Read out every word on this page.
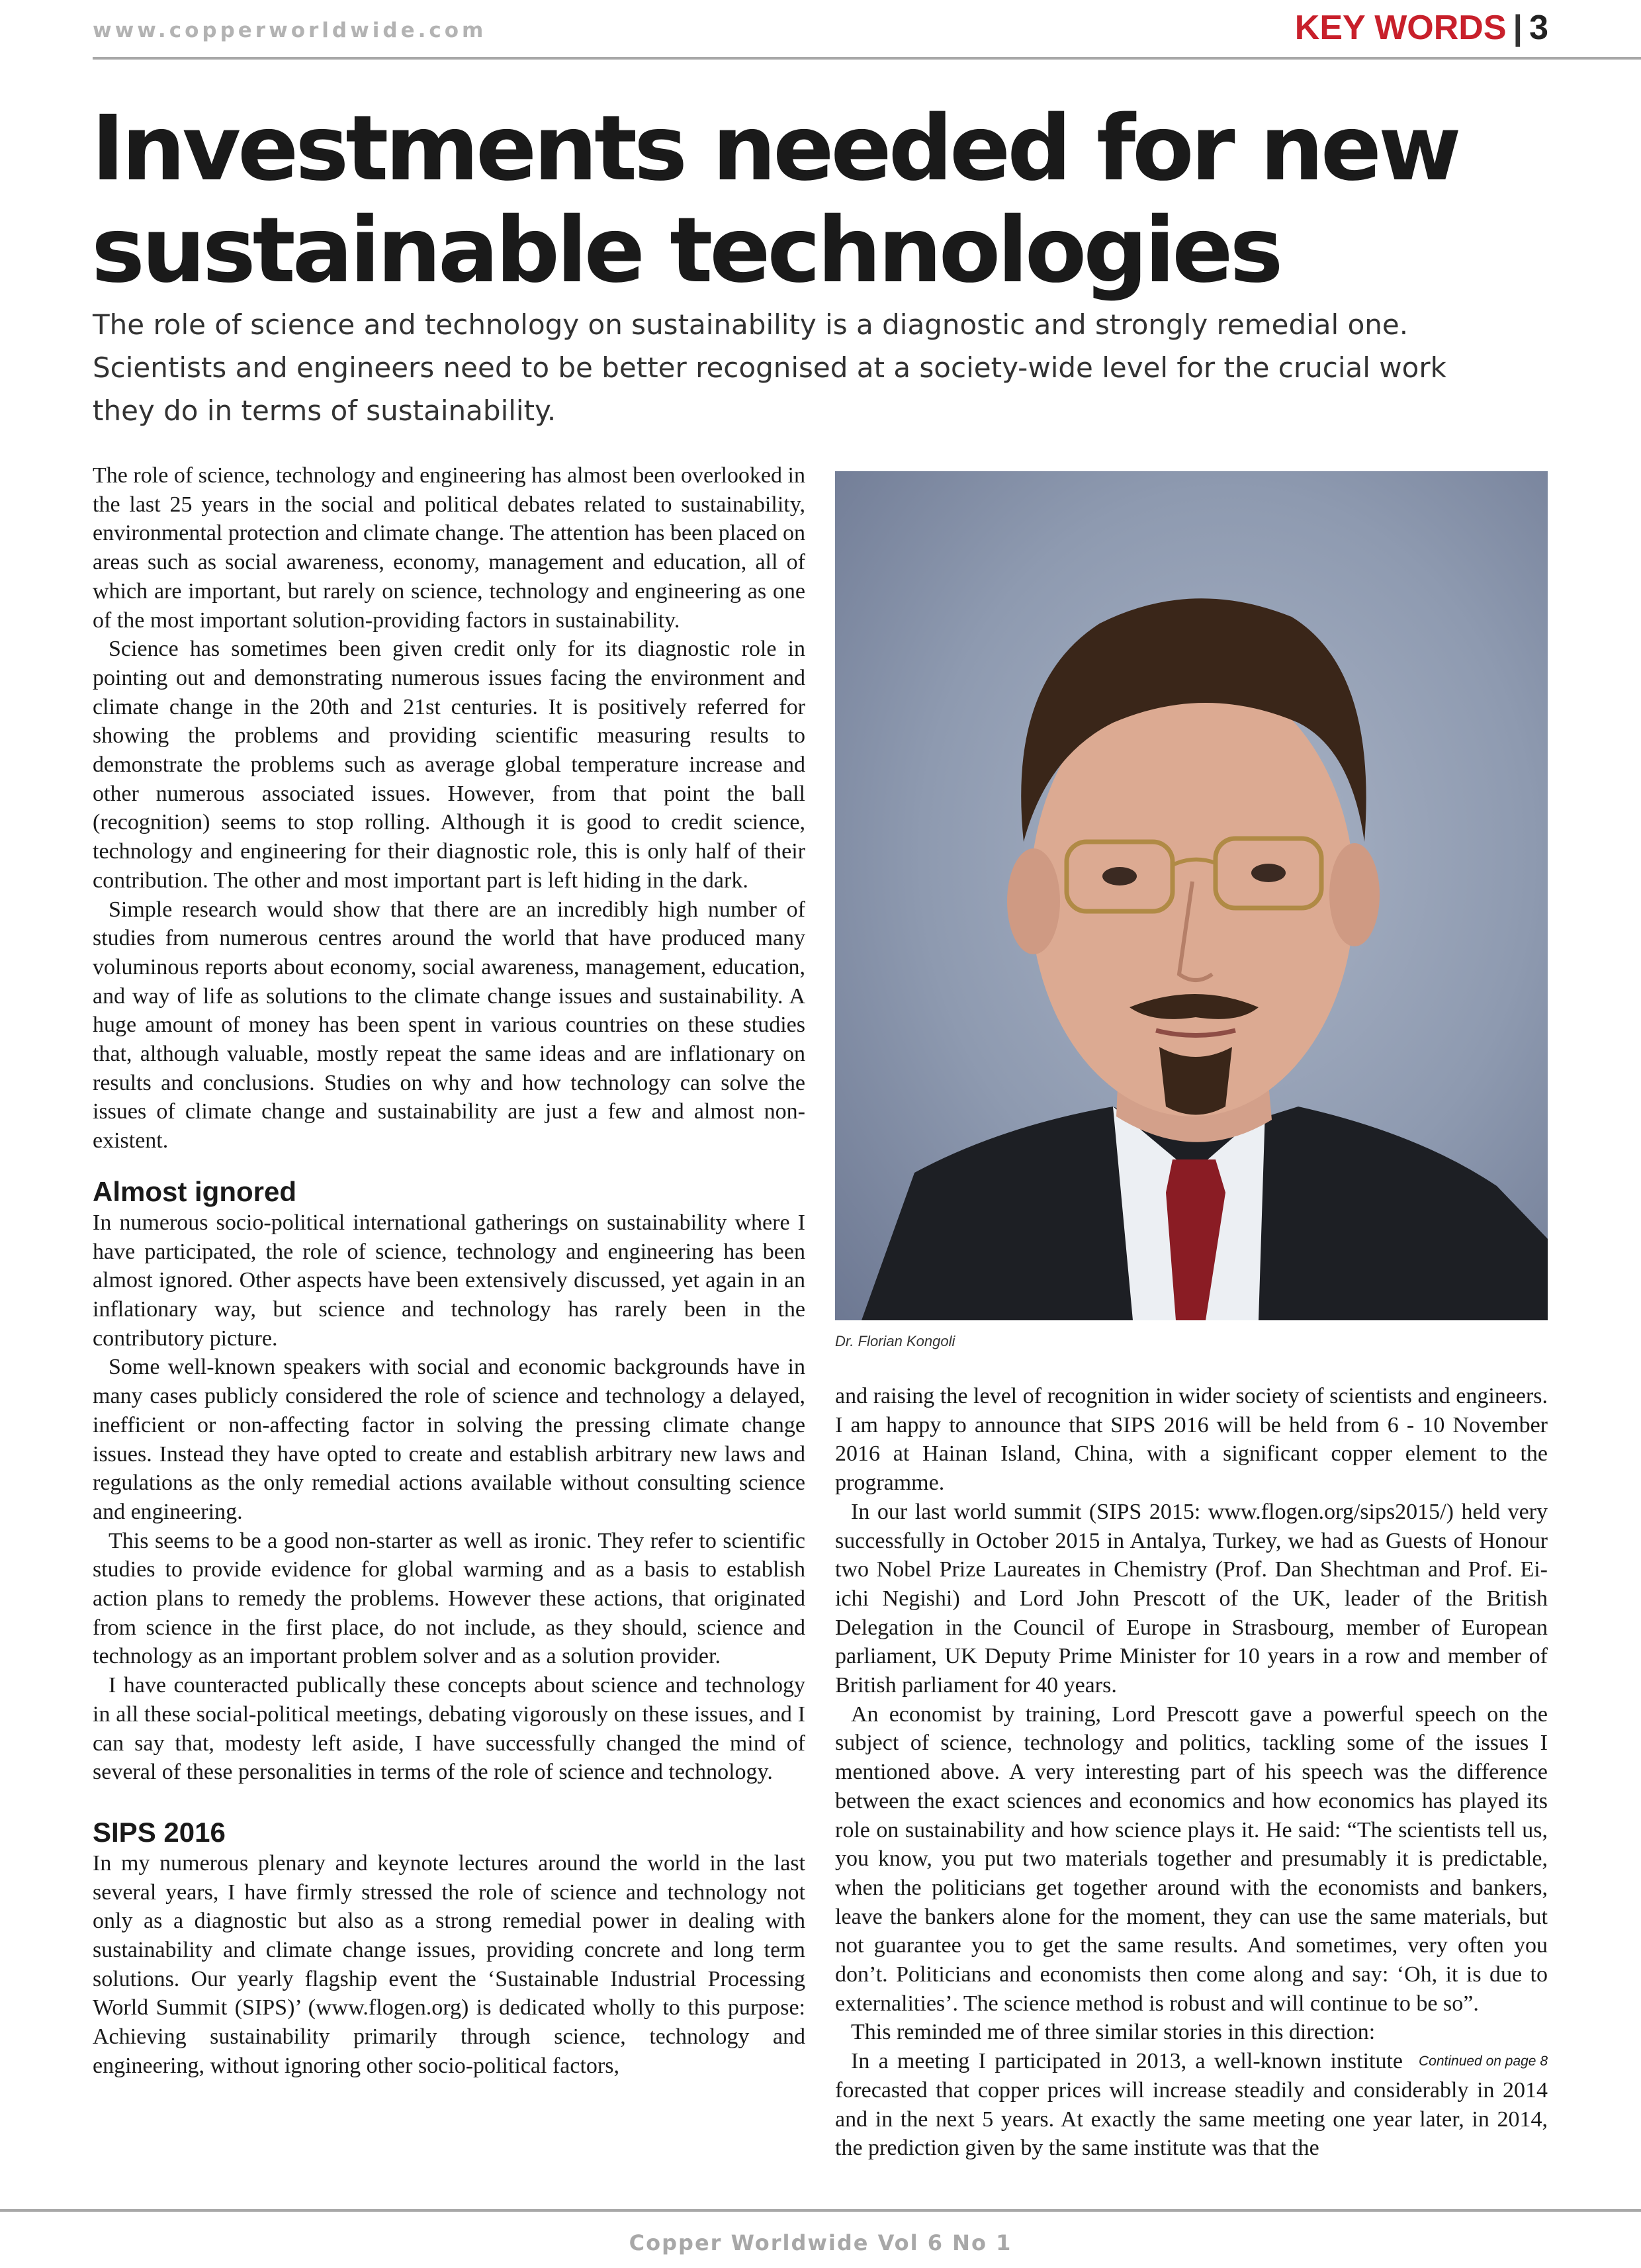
www.copperworldwide.com	KEY WORDS | 3
Investments needed for new sustainable technologies

The role of science and technology on sustainability is a diagnostic and strongly remedial one. Scientists and engineers need to be better recognised at a society-wide level for the crucial work they do in terms of sustainability.

The role of science, technology and engineering has almost been overlooked in the last 25 years in the social and political debates related to sustainability, environmental protection and climate change. The attention has been placed on areas such as social awareness, economy, management and education, all of which are important, but rarely on science, technology and engineering as one of the most important solution-providing factors in sustainability.

Science has sometimes been given credit only for its diagnostic role in pointing out and demonstrating numerous issues facing the environment and climate change in the 20th and 21st centuries. It is positively referred for showing the problems and providing scientific measuring results to demonstrate the problems such as average global temperature increase and other numerous associated issues. However, from that point the ball (recognition) seems to stop rolling. Although it is good to credit science, technology and engineering for their diagnostic role, this is only half of their contribution. The other and most important part is left hiding in the dark.

Simple research would show that there are an incredibly high number of studies from numerous centres around the world that have produced many voluminous reports about economy, social awareness, management, education, and way of life as solutions to the climate change issues and sustainability. A huge amount of money has been spent in various countries on these studies that, although valuable, mostly repeat the same ideas and are inflationary on results and conclusions. Studies on why and how technology can solve the issues of climate change and sustainability are just a few and almost non-existent.

Almost ignored

In numerous socio-political international gatherings on sustainability where I have participated, the role of science, technology and engineering has been almost ignored. Other aspects have been extensively discussed, yet again in an inflationary way, but science and technology has rarely been in the contributory picture.

Some well-known speakers with social and economic backgrounds have in many cases publicly considered the role of science and technology a delayed, inefficient or non-affecting factor in solving the pressing climate change issues. Instead they have opted to create and establish arbitrary new laws and regulations as the only remedial actions available without consulting science and engineering.

This seems to be a good non-starter as well as ironic. They refer to scientific studies to provide evidence for global warming and as a basis to establish action plans to remedy the problems. However these actions, that originated from science in the first place, do not include, as they should, science and technology as an important problem solver and as a solution provider.

I have counteracted publically these concepts about science and technology in all these social-political meetings, debating vigorously on these issues, and I can say that, modesty left aside, I have successfully changed the mind of several of these personalities in terms of the role of science and technology.

SIPS 2016

In my numerous plenary and keynote lectures around the world in the last several years, I have firmly stressed the role of science and technology not only as a diagnostic but also as a strong remedial power in dealing with sustainability and climate change issues, providing concrete and long term solutions. Our yearly flagship event the ‘Sustainable Industrial Processing World Summit (SIPS)’ (www.flogen.org) is dedicated wholly to this purpose: Achieving sustainability primarily through science, technology and engineering, without ignoring other socio-political factors,

Dr. Florian Kongoli

and raising the level of recognition in wider society of scientists and engineers. I am happy to announce that SIPS 2016 will be held from 6 - 10 November 2016 at Hainan Island, China, with a significant copper element to the programme.

In our last world summit (SIPS 2015: www.flogen.org/sips2015/) held very successfully in October 2015 in Antalya, Turkey, we had as Guests of Honour two Nobel Prize Laureates in Chemistry (Prof. Dan Shechtman and Prof. Ei-ichi Negishi) and Lord John Prescott of the UK, leader of the British Delegation in the Council of Europe in Strasbourg, member of European parliament, UK Deputy Prime Minister for 10 years in a row and member of British parliament for 40 years.

An economist by training, Lord Prescott gave a powerful speech on the subject of science, technology and politics, tackling some of the issues I mentioned above. A very interesting part of his speech was the difference between the exact sciences and economics and how economics has played its role on sustainability and how science plays it. He said: “The scientists tell us, you know, you put two materials together and presumably it is predictable, when the politicians get together around with the economists and bankers, leave the bankers alone for the moment, they can use the same materials, but not guarantee you to get the same results. And sometimes, very often you don’t. Politicians and economists then come along and say: ‘Oh, it is due to externalities’. The science method is robust and will continue to be so”.

This reminded me of three similar stories in this direction:

Continued on page 8
In a meeting I participated in 2013, a well-known institute forecasted that copper prices will increase steadily and considerably in 2014 and in the next 5 years. At exactly the same meeting one year later, in 2014, the prediction given by the same institute was that the

Copper Worldwide Vol 6 No 1
